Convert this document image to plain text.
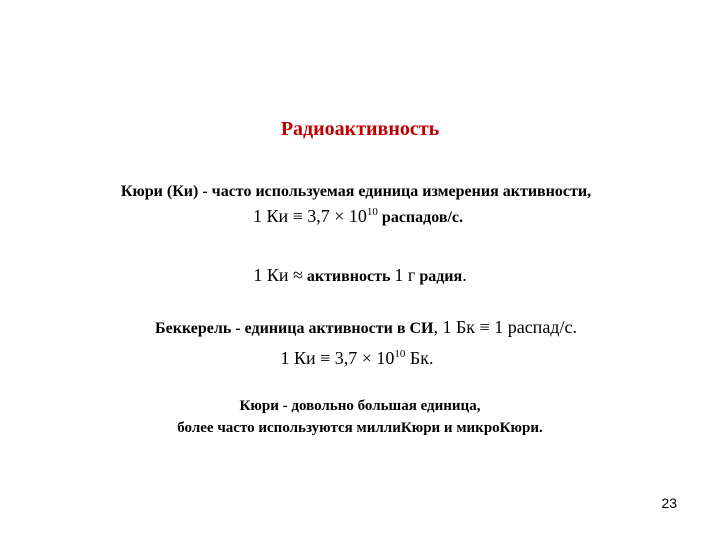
Радиоактивность
Кюри (Ки) - часто используемая единица измерения активности,
1 Ки ≡ $3,7 \times 10^{10}$ распадов/с.
1 Ки ≈ активность 1 г радия.
Беккерель - единица активности в СИ, 1 Бк ≡ 1 распад/с.
1 Ки ≡ $3,7 \times 10^{10}$ Бк.
Кюри - довольно большая единица,
более часто используются миллиКюри и микроКюри.
23
